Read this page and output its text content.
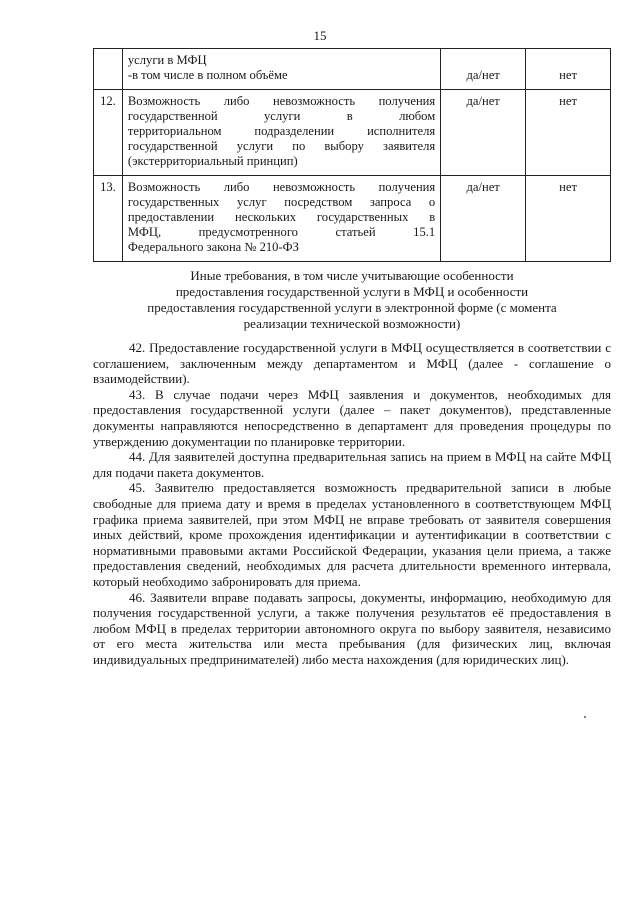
15

	услуги в МФЦ
-в том числе в полном объёме	да/нет	нет
12.	Возможность либо невозможность получения
государственной услуги в любом
территориальном подразделении исполнителя
государственной услуги по выбору заявителя
(экстерриториальный принцип)	да/нет	нет
13.	Возможность либо невозможность получения
государственных услуг посредством запроса о
предоставлении нескольких государственных в
МФЦ, предусмотренного статьей 15.1
Федерального закона № 210-ФЗ	да/нет	нет
Иные требования, в том числе учитывающие особенности
предоставления государственной услуги в МФЦ и особенности
предоставления государственной услуги в электронной форме (с момента
реализации технической возможности)

42. Предоставление государственной услуги в МФЦ осуществляется в соответствии с соглашением, заключенным между департаментом и МФЦ (далее - соглашение о взаимодействии).

43. В случае подачи через МФЦ заявления и документов, необходимых для предоставления государственной услуги (далее – пакет документов), представленные документы направляются непосредственно в департамент для проведения процедуры по утверждению документации по планировке территории.

44. Для заявителей доступна предварительная запись на прием в МФЦ на сайте МФЦ для подачи пакета документов.

45. Заявителю предоставляется возможность предварительной записи в любые свободные для приема дату и время в пределах установленного в соответствующем МФЦ графика приема заявителей, при этом МФЦ не вправе требовать от заявителя совершения иных действий, кроме прохождения идентификации и аутентификации в соответствии с нормативными правовыми актами Российской Федерации, указания цели приема, а также предоставления сведений, необходимых для расчета длительности временного интервала, который необходимо забронировать для приема.

46. Заявители вправе подавать запросы, документы, информацию, необходимую для получения государственной услуги, а также получения результатов её предоставления в любом МФЦ в пределах территории автономного округа по выбору заявителя, независимо от его места жительства или места пребывания (для физических лиц, включая индивидуальных предпринимателей) либо места нахождения (для юридических лиц).
